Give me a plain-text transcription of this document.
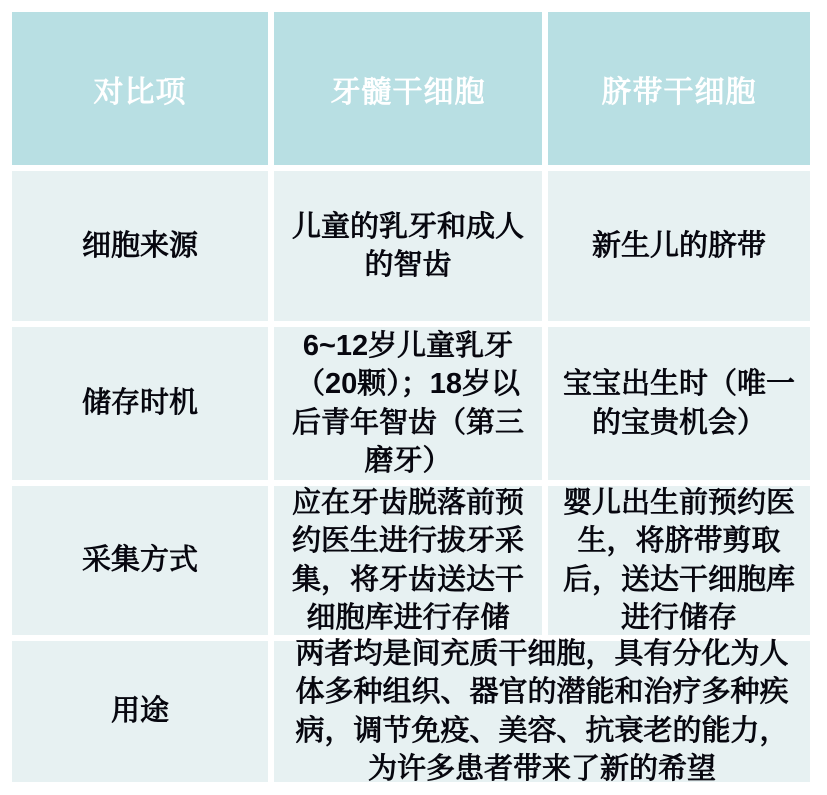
对比项	牙髓干细胞	脐带干细胞
细胞来源
儿童的乳牙和成人的智齿
新生儿的脐带
储存时机
6~12岁儿童乳牙（20颗）；18岁以后青年智齿（第三磨牙）
宝宝出生时（唯一的宝贵机会）
采集方式
应在牙齿脱落前预约医生进行拔牙采集，将牙齿送达干细胞库进行存储
婴儿出生前预约医生，将脐带剪取后，送达干细胞库进行储存
用途
两者均是间充质干细胞，具有分化为人体多种组织、器官的潜能和治疗多种疾病，调节免疫、美容、抗衰老的能力，为许多患者带来了新的希望
